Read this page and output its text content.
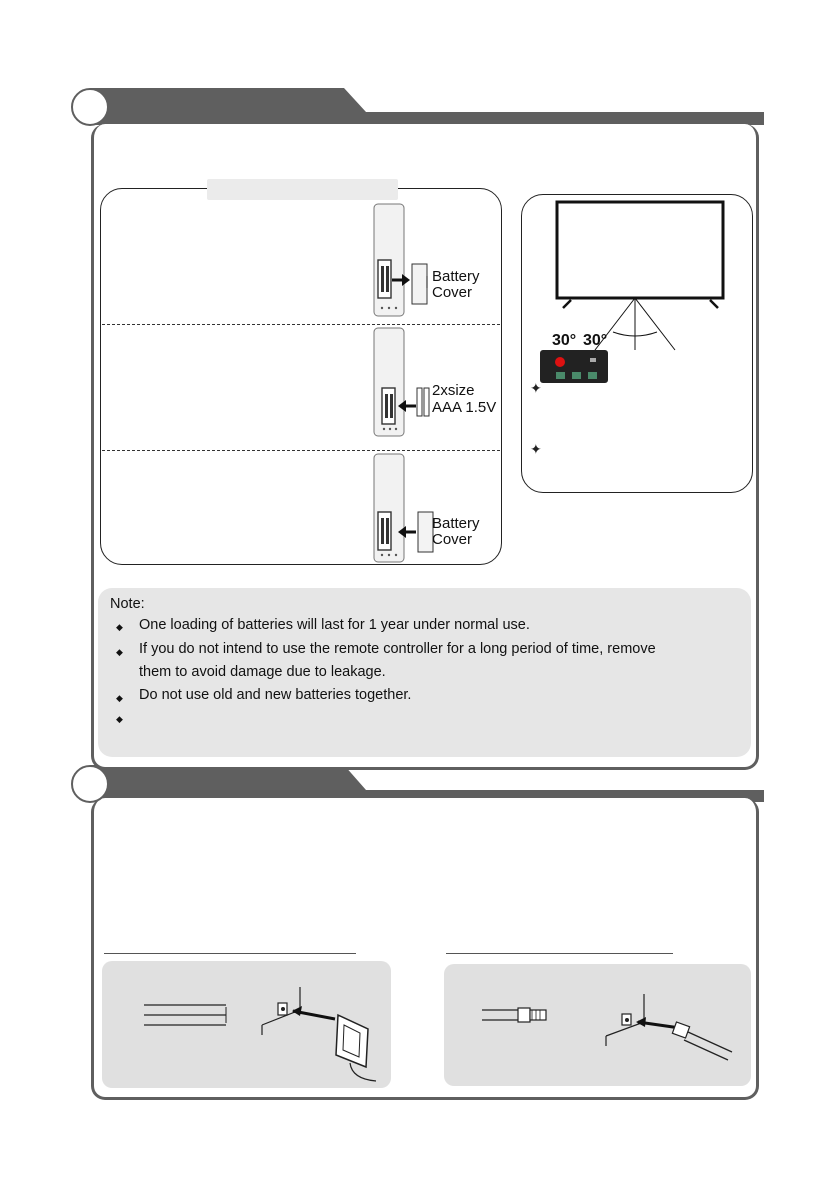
Battery
Cover
2xsize
AAA 1.5V
Battery
Cover
30° 30°
✦
✦
Note:
◆ One loading of batteries will last for 1 year under normal use.
◆ If you do not intend to use the remote controller for a long period of time, remove
them to avoid damage due to leakage.
◆ Do not use old and new batteries together.
◆
